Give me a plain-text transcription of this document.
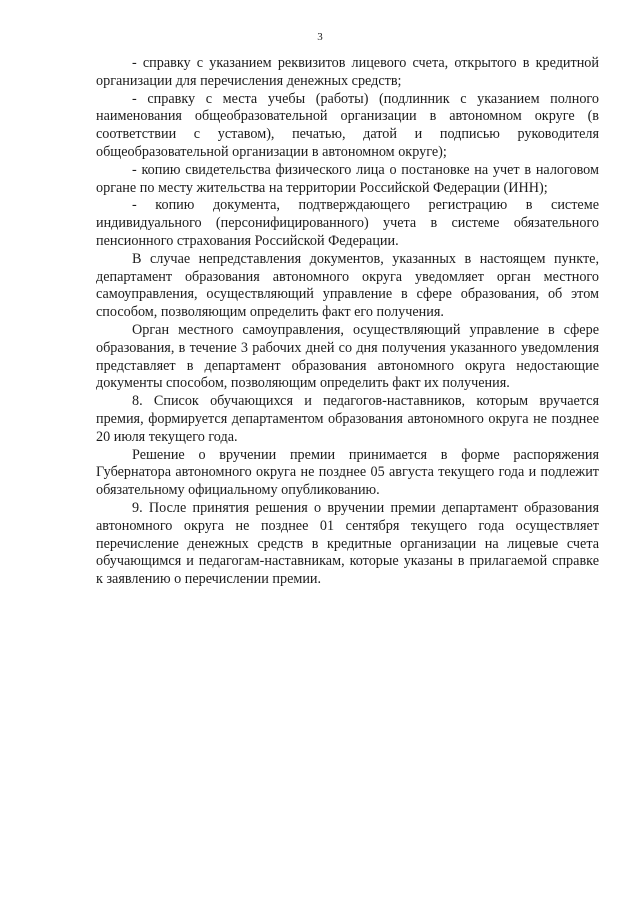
3

- справку с указанием реквизитов лицевого счета, открытого в кредитной организации для перечисления денежных средств;

- справку с места учебы (работы) (подлинник с указанием полного наименования общеобразовательной организации в автономном округе (в соответствии с уставом), печатью, датой и подписью руководителя общеобразовательной организации в автономном округе);

- копию свидетельства физического лица о постановке на учет в налоговом органе по месту жительства на территории Российской Федерации (ИНН);

- копию документа, подтверждающего регистрацию в системе индивидуального (персонифицированного) учета в системе обязательного пенсионного страхования Российской Федерации.

В случае непредставления документов, указанных в настоящем пункте, департамент образования автономного округа уведомляет орган местного самоуправления, осуществляющий управление в сфере образования, об этом способом, позволяющим определить факт его получения.

Орган местного самоуправления, осуществляющий управление в сфере образования, в течение 3 рабочих дней со дня получения указанного уведомления представляет в департамент образования автономного округа недостающие документы способом, позволяющим определить факт их получения.

8. Список обучающихся и педагогов-наставников, которым вручается премия, формируется департаментом образования автономного округа не позднее 20 июля текущего года.

Решение о вручении премии принимается в форме распоряжения Губернатора автономного округа не позднее 05 августа текущего года и подлежит обязательному официальному опубликованию.

9. После принятия решения о вручении премии департамент образования автономного округа не позднее 01 сентября текущего года осуществляет перечисление денежных средств в кредитные организации на лицевые счета обучающимся и педагогам-наставникам, которые указаны в прилагаемой справке к заявлению о перечислении премии.
